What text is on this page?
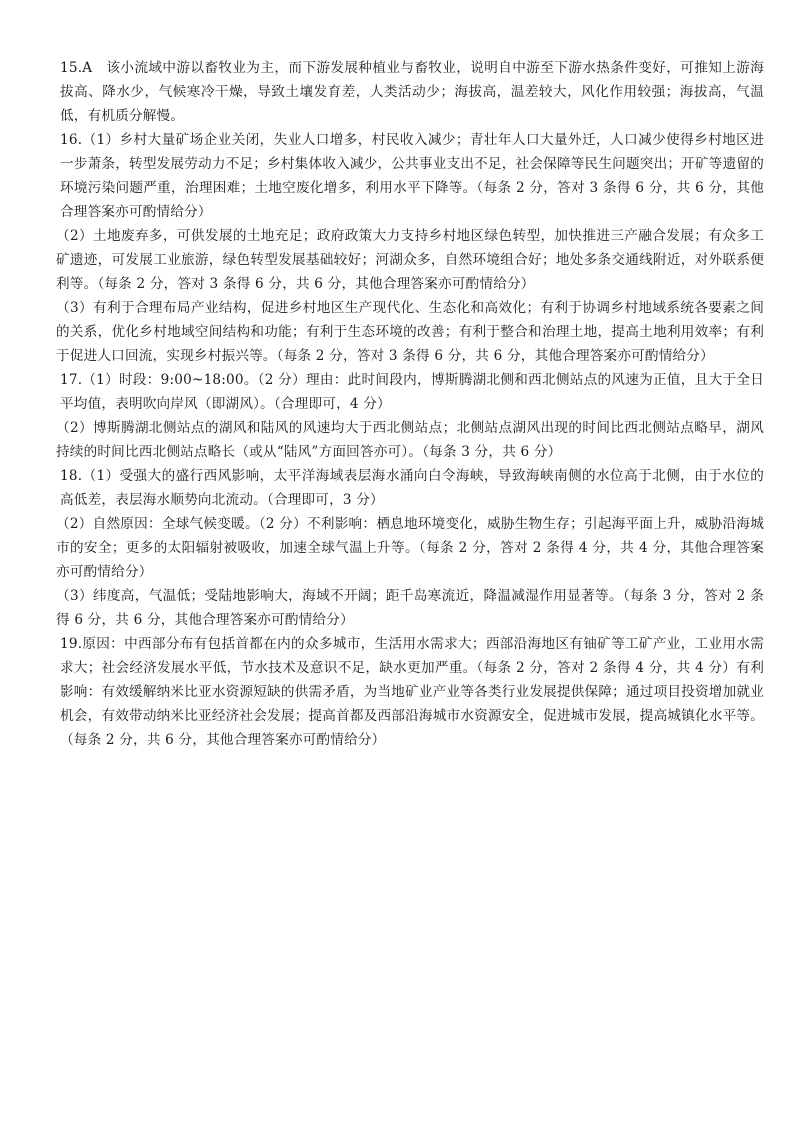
15.A　该小流域中游以畜牧业为主，而下游发展种植业与畜牧业，说明自中游至下游水热条件变好，可推知上游海拔高、降水少，气候寒冷干燥，导致土壤发育差，人类活动少；海拔高，温差较大，风化作用较强；海拔高，气温低，有机质分解慢。

16.（1）乡村大量矿场企业关闭，失业人口增多，村民收入减少；青壮年人口大量外迁，人口减少使得乡村地区进一步萧条，转型发展劳动力不足；乡村集体收入减少，公共事业支出不足，社会保障等民生问题突出；开矿等遗留的环境污染问题严重，治理困难；土地空废化增多，利用水平下降等。（每条 2 分，答对 3 条得 6 分，共 6 分，其他合理答案亦可酌情给分）

（2）土地废弃多，可供发展的土地充足；政府政策大力支持乡村地区绿色转型，加快推进三产融合发展；有众多工矿遗迹，可发展工业旅游，绿色转型发展基础较好；河湖众多，自然环境组合好；地处多条交通线附近，对外联系便利等。（每条 2 分，答对 3 条得 6 分，共 6 分，其他合理答案亦可酌情给分）

（3）有利于合理布局产业结构，促进乡村地区生产现代化、生态化和高效化；有利于协调乡村地域系统各要素之间的关系，优化乡村地域空间结构和功能；有利于生态环境的改善；有利于整合和治理土地，提高土地利用效率；有利于促进人口回流，实现乡村振兴等。（每条 2 分，答对 3 条得 6 分，共 6 分，其他合理答案亦可酌情给分）

17.（1）时段：9:00~18:00。（2 分）理由：此时间段内，博斯腾湖北侧和西北侧站点的风速为正值，且大于全日平均值，表明吹向岸风（即湖风）。（合理即可，4 分）

（2）博斯腾湖北侧站点的湖风和陆风的风速均大于西北侧站点；北侧站点湖风出现的时间比西北侧站点略早，湖风持续的时间比西北侧站点略长（或从“陆风”方面回答亦可）。（每条 3 分，共 6 分）

18.（1）受强大的盛行西风影响，太平洋海域表层海水涌向白令海峡，导致海峡南侧的水位高于北侧，由于水位的高低差，表层海水顺势向北流动。（合理即可，3 分）

（2）自然原因：全球气候变暖。（2 分）不利影响：栖息地环境变化，威胁生物生存；引起海平面上升，威胁沿海城市的安全；更多的太阳辐射被吸收，加速全球气温上升等。（每条 2 分，答对 2 条得 4 分，共 4 分，其他合理答案亦可酌情给分）

（3）纬度高，气温低；受陆地影响大，海域不开阔；距千岛寒流近，降温减湿作用显著等。（每条 3 分，答对 2 条得 6 分，共 6 分，其他合理答案亦可酌情给分）

19.原因：中西部分布有包括首都在内的众多城市，生活用水需求大；西部沿海地区有铀矿等工矿产业，工业用水需求大；社会经济发展水平低，节水技术及意识不足，缺水更加严重。（每条 2 分，答对 2 条得 4 分，共 4 分）有利影响：有效缓解纳米比亚水资源短缺的供需矛盾，为当地矿业产业等各类行业发展提供保障；通过项目投资增加就业机会，有效带动纳米比亚经济社会发展；提高首都及西部沿海城市水资源安全，促进城市发展，提高城镇化水平等。（每条 2 分，共 6 分，其他合理答案亦可酌情给分）
